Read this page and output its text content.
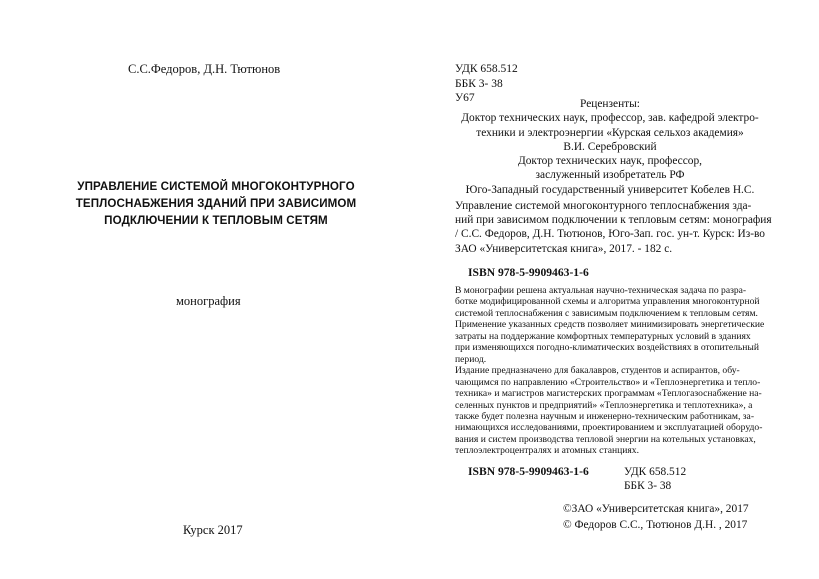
С.С.Федоров, Д.Н. Тютюнов
УПРАВЛЕНИЕ СИСТЕМОЙ МНОГОКОНТУРНОГО
ТЕПЛОСНАБЖЕНИЯ ЗДАНИЙ ПРИ ЗАВИСИМОМ
ПОДКЛЮЧЕНИИ К ТЕПЛОВЫМ СЕТЯМ
монография
Курск 2017
УДК 658.512
ББК 3- 38
У67	Рецензенты:
Доктор технических наук, профессор, зав. кафедрой электро-
техники и электроэнергии «Курская сельхоз академия»
В.И. Серебровский
Доктор технических наук, профессор,
заслуженный изобретатель РФ
Юго-Западный государственный университет Кобелев Н.С.
Управление системой многоконтурного теплоснабжения зда-
ний при зависимом подключении к тепловым сетям: монография
/ С.С. Федоров, Д.Н. Тютюнов, Юго-Зап. гос. ун-т. Курск: Из-во
ЗАО «Университетская книга», 2017. - 182 с.
ISBN 978-5-9909463-1-6
В монографии решена актуальная научно-техническая задача по разра-
ботке модифицированной схемы и алгоритма управления многоконтурной
системой теплоснабжения с зависимым подключением к тепловым сетям.
Применение указанных средств позволяет минимизировать энергетические
затраты на поддержание комфортных температурных условий в зданиях
при изменяющихся погодно-климатических воздействиях в отопительный
период.
Издание предназначено для бакалавров, студентов и аспирантов, обу-
чающимся по направлению «Строительство» и «Теплоэнергетика и тепло-
техника» и магистров магистерских программам «Теплогазоснабжение на-
селенных пунктов и предприятий» «Теплоэнергетика и теплотехника», а
также будет полезна научным и инженерно-техническим работникам, за-
нимающихся исследованиями, проектированием и эксплуатацией оборудо-
вания и систем производства тепловой энергии на котельных установках,
теплоэлектроцентралях и атомных станциях.
ISBN 978-5-9909463-1-6	УДК 658.512
ББК 3- 38
©ЗАО «Университетская книга», 2017
© Федоров С.С., Тютюнов Д.Н. , 2017
